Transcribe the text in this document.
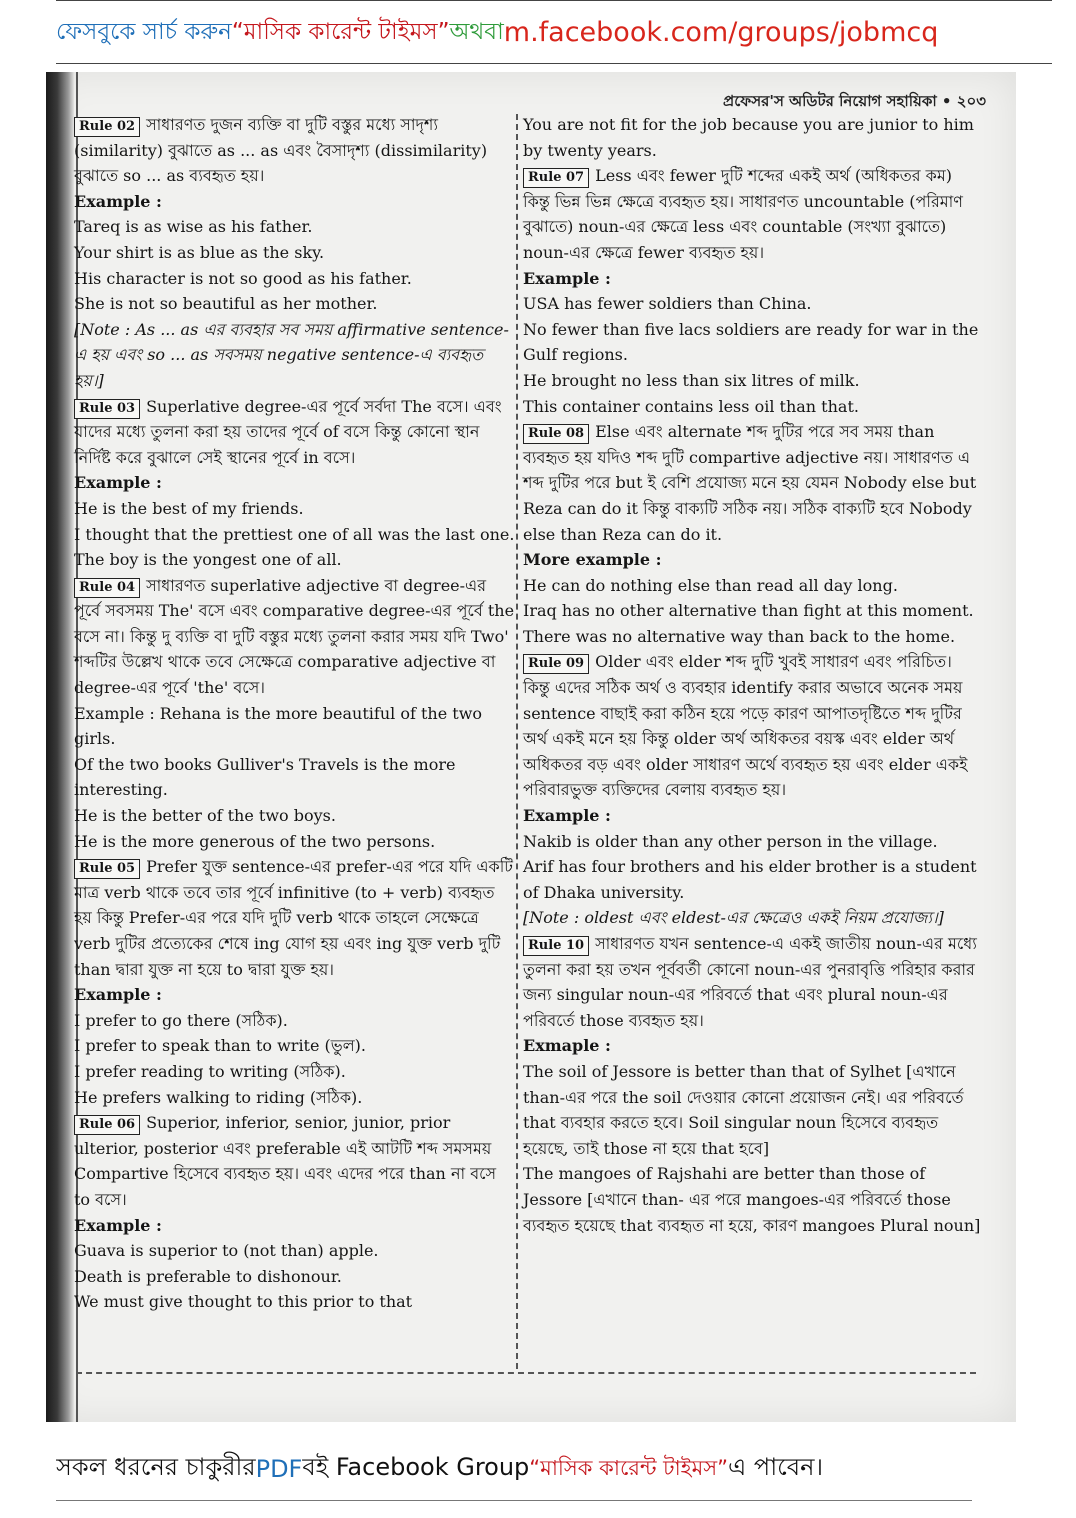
ফেসবুকে সার্চ করুন “মাসিক কারেন্ট টাইমস” অথবা m.facebook.com/groups/jobmcq
প্রফেসর'স অডিটর নিয়োগ সহায়িকা • ২০৩

Rule 02 সাধারণত দুজন ব্যক্তি বা দুটি বস্তুর মধ্যে সাদৃশ্য (similarity) বুঝাতে as ... as এবং বৈসাদৃশ্য (dissimilarity) বুঝাতে so ... as ব্যবহৃত হয়।

Example :

Tareq is as wise as his father.

Your shirt is as blue as the sky.

His character is not so good as his father.

She is not so beautiful as her mother.

[Note : As ... as এর ব্যবহার সব সময় affirmative sentence-এ হয় এবং so ... as সবসময় negative sentence-এ ব্যবহৃত হয়।]

Rule 03 Superlative degree-এর পূর্বে সর্বদা The বসে। এবং যাদের মধ্যে তুলনা করা হয় তাদের পূর্বে of বসে কিন্তু কোনো স্থান নির্দিষ্ট করে বুঝালে সেই স্থানের পূর্বে in বসে।

Example :

He is the best of my friends.

I thought that the prettiest one of all was the last one.

The boy is the yongest one of all.

Rule 04 সাধারণত superlative adjective বা degree-এর পূর্বে সবসময় The' বসে এবং comparative degree-এর পূর্বে the বসে না। কিন্তু দু ব্যক্তি বা দুটি বস্তুর মধ্যে তুলনা করার সময় যদি Two' শব্দটির উল্লেখ থাকে তবে সেক্ষেত্রে comparative adjective বা degree-এর পূর্বে 'the' বসে।

Example : Rehana is the more beautiful of the two girls.

Of the two books Gulliver's Travels is the more interesting.

He is the better of the two boys.

He is the more generous of the two persons.

Rule 05 Prefer যুক্ত sentence-এর prefer-এর পরে যদি একটি মাত্র verb থাকে তবে তার পূর্বে infinitive (to + verb) ব্যবহৃত হয় কিন্তু Prefer-এর পরে যদি দুটি verb থাকে তাহলে সেক্ষেত্রে verb দুটির প্রত্যেকের শেষে ing যোগ হয় এবং ing যুক্ত verb দুটি than দ্বারা যুক্ত না হয়ে to দ্বারা যুক্ত হয়।

Example :

I prefer to go there (সঠিক).

I prefer to speak than to write (ভুল).

I prefer reading to writing (সঠিক).

He prefers walking to riding (সঠিক).

Rule 06 Superior, inferior, senior, junior, prior ulterior, posterior এবং preferable এই আটটি শব্দ সমসময় Compartive হিসেবে ব্যবহৃত হয়। এবং এদের পরে than না বসে to বসে।

Example :

Guava is superior to (not than) apple.

Death is preferable to dishonour.

We must give thought to this prior to that

You are not fit for the job because you are junior to him by twenty years.

Rule 07 Less এবং fewer দুটি শব্দের একই অর্থ (অধিকতর কম) কিন্তু ভিন্ন ভিন্ন ক্ষেত্রে ব্যবহৃত হয়। সাধারণত uncountable (পরিমাণ বুঝাতে) noun-এর ক্ষেত্রে less এবং countable (সংখ্যা বুঝাতে) noun-এর ক্ষেত্রে fewer ব্যবহৃত হয়।

Example :

USA has fewer soldiers than China.

No fewer than five lacs soldiers are ready for war in the Gulf regions.

He brought no less than six litres of milk.

This container contains less oil than that.

Rule 08 Else এবং alternate শব্দ দুটির পরে সব সময় than ব্যবহৃত হয় যদিও শব্দ দুটি compartive adjective নয়। সাধারণত এ শব্দ দুটির পরে but ই বেশি প্রযোজ্য মনে হয় যেমন Nobody else but Reza can do it কিন্তু বাক্যটি সঠিক নয়। সঠিক বাক্যটি হবে Nobody else than Reza can do it.

More example :

He can do nothing else than read all day long.

Iraq has no other alternative than fight at this moment.

There was no alternative way than back to the home.

Rule 09 Older এবং elder শব্দ দুটি খুবই সাধারণ এবং পরিচিত। কিন্তু এদের সঠিক অর্থ ও ব্যবহার identify করার অভাবে অনেক সময় sentence বাছাই করা কঠিন হয়ে পড়ে কারণ আপাতদৃষ্টিতে শব্দ দুটির অর্থ একই মনে হয় কিন্তু older অর্থ অধিকতর বয়স্ক এবং elder অর্থ অধিকতর বড় এবং older সাধারণ অর্থে ব্যবহৃত হয় এবং elder একই পরিবারভুক্ত ব্যক্তিদের বেলায় ব্যবহৃত হয়।

Example :

Nakib is older than any other person in the village.

Arif has four brothers and his elder brother is a student of Dhaka university.

[Note : oldest এবং eldest-এর ক্ষেত্রেও একই নিয়ম প্রযোজ্য।]

Rule 10 সাধারণত যখন sentence-এ একই জাতীয় noun-এর মধ্যে তুলনা করা হয় তখন পূর্ববর্তী কোনো noun-এর পুনরাবৃত্তি পরিহার করার জন্য singular noun-এর পরিবর্তে that এবং plural noun-এর পরিবর্তে those ব্যবহৃত হয়।

Exmaple :

The soil of Jessore is better than that of Sylhet [এখানে than-এর পরে the soil দেওয়ার কোনো প্রয়োজন নেই। এর পরিবর্তে that ব্যবহার করতে হবে। Soil singular noun হিসেবে ব্যবহৃত হয়েছে, তাই those না হয়ে that হবে]

The mangoes of Rajshahi are better than those of Jessore [এখানে than- এর পরে mangoes-এর পরিবর্তে those ব্যবহৃত হয়েছে that ব্যবহৃত না হয়ে, কারণ mangoes Plural noun]

সকল ধরনের চাকুরীর PDF বই Facebook Group “মাসিক কারেন্ট টাইমস” এ পাবেন।
